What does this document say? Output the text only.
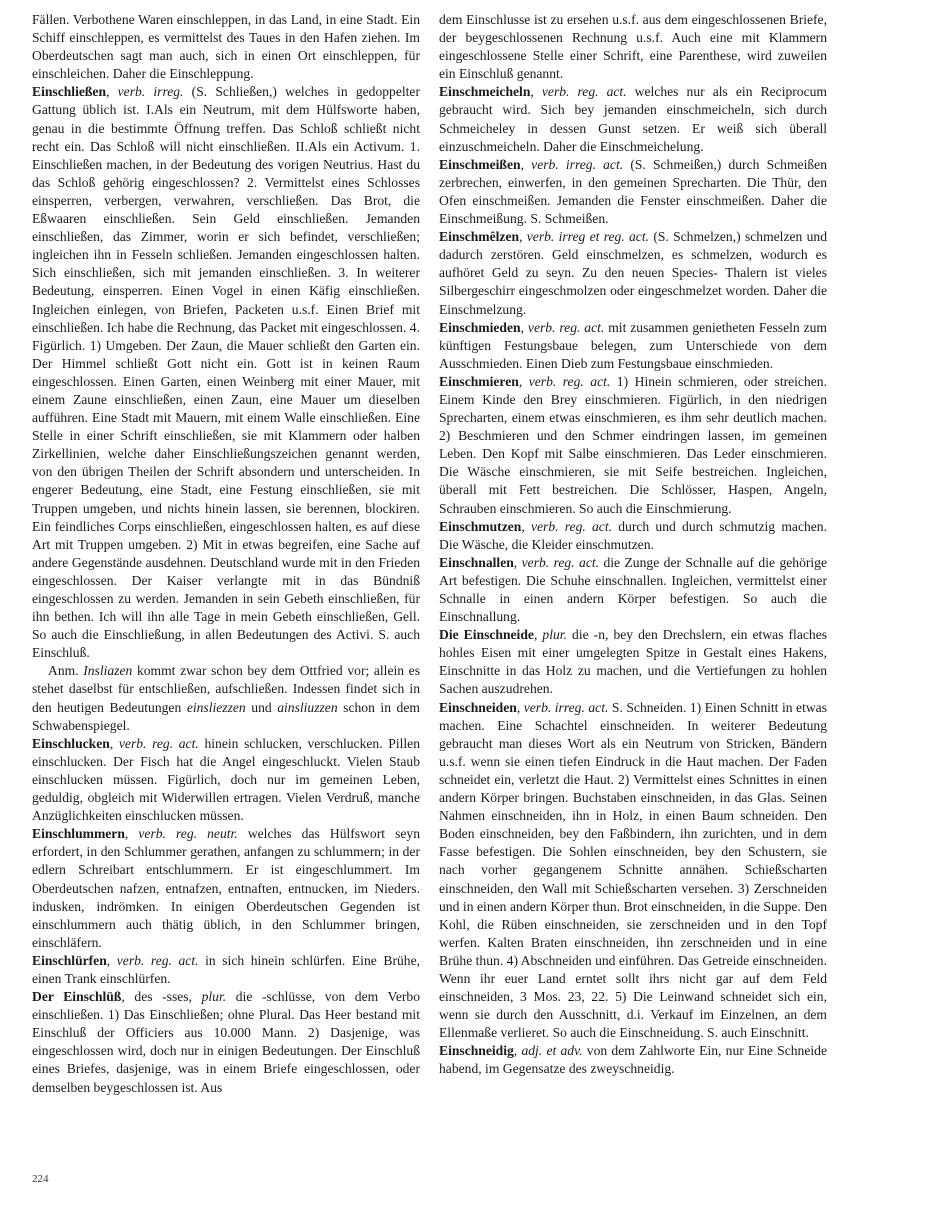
Fällen. Verbothene Waren einschleppen, in das Land, in eine Stadt. Ein Schiff einschleppen, es vermittelst des Taues in den Hafen ziehen. Im Oberdeutschen sagt man auch, sich in einen Ort einschleppen, für einschleichen. Daher die Einschleppung.

Einschließen, verb. irreg. (S. Schließen,) welches in gedoppelter Gattung üblich ist. I.Als ein Neutrum, mit dem Hülfsworte haben, genau in die bestimmte Öffnung treffen. Das Schloß schließt nicht recht ein. Das Schloß will nicht einschließen. II.Als ein Activum. 1. Einschließen machen, in der Bedeutung des vorigen Neutrius. Hast du das Schloß gehörig eingeschlossen? 2. Vermittelst eines Schlosses einsperren, verbergen, verwahren, verschließen. Das Brot, die Eßwaaren einschließen. Sein Geld einschließen. Jemanden einschließen, das Zimmer, worin er sich befindet, verschließen; ingleichen ihn in Fesseln schließen. Jemanden eingeschlossen halten. Sich einschließen, sich mit jemanden einschließen. 3. In weiterer Bedeutung, einsperren. Einen Vogel in einen Käfig einschließen. Ingleichen einlegen, von Briefen, Packeten u.s.f. Einen Brief mit einschließen. Ich habe die Rechnung, das Packet mit eingeschlossen. 4. Figürlich. 1) Umgeben. Der Zaun, die Mauer schließt den Garten ein. Der Himmel schließt Gott nicht ein. Gott ist in keinen Raum eingeschlossen. Einen Garten, einen Weinberg mit einer Mauer, mit einem Zaune einschließen, einen Zaun, eine Mauer um dieselben aufführen. Eine Stadt mit Mauern, mit einem Walle einschließen. Eine Stelle in einer Schrift einschließen, sie mit Klammern oder halben Zirkellinien, welche daher Einschließungszeichen genannt werden, von den übrigen Theilen der Schrift absondern und unterscheiden. In engerer Bedeutung, eine Stadt, eine Festung einschließen, sie mit Truppen umgeben, und nichts hinein lassen, sie berennen, blockiren. Ein feindliches Corps einschließen, eingeschlossen halten, es auf diese Art mit Truppen umgeben. 2) Mit in etwas begreifen, eine Sache auf andere Gegenstände ausdehnen. Deutschland wurde mit in den Frieden eingeschlossen. Der Kaiser verlangte mit in das Bündniß eingeschlossen zu werden. Jemanden in sein Gebeth einschließen, für ihn bethen. Ich will ihn alle Tage in mein Gebeth einschließen, Gell. So auch die Einschließung, in allen Bedeutungen des Activi. S. auch Einschluß.

Anm. Insliazen kommt zwar schon bey dem Ottfried vor; allein es stehet daselbst für entschließen, aufschließen. Indessen findet sich in den heutigen Bedeutungen einsliezzen und ainsliuzzen schon in dem Schwabenspiegel.

Einschlucken, verb. reg. act. hinein schlucken, verschlucken. Pillen einschlucken. Der Fisch hat die Angel eingeschluckt. Vielen Staub einschlucken müssen. Figürlich, doch nur im gemeinen Leben, geduldig, obgleich mit Widerwillen ertragen. Vielen Verdruß, manche Anzüglichkeiten einschlucken müssen.

Einschlummern, verb. reg. neutr. welches das Hülfswort seyn erfordert, in den Schlummer gerathen, anfangen zu schlummern; in der edlern Schreibart entschlummern. Er ist eingeschlummert. Im Oberdeutschen nafzen, entnafzen, entnaften, entnucken, im Nieders. indusken, indrömken. In einigen Oberdeutschen Gegenden ist einschlummern auch thätig üblich, in den Schlummer bringen, einschläfern.

Einschlürfen, verb. reg. act. in sich hinein schlürfen. Eine Brühe, einen Trank einschlürfen.

Der Einschlüß, des -sses, plur. die -schlüsse, von dem Verbo einschließen. 1) Das Einschließen; ohne Plural. Das Heer bestand mit Einschluß der Officiers aus 10.000 Mann. 2) Dasjenige, was eingeschlossen wird, doch nur in einigen Bedeutungen. Der Einschluß eines Briefes, dasjenige, was in einem Briefe eingeschlossen, oder demselben beygeschlossen ist. Aus

dem Einschlusse ist zu ersehen u.s.f. aus dem eingeschlossenen Briefe, der beygeschlossenen Rechnung u.s.f. Auch eine mit Klammern eingeschlossene Stelle einer Schrift, eine Parenthese, wird zuweilen ein Einschluß genannt.

Einschmeicheln, verb. reg. act. welches nur als ein Reciprocum gebraucht wird. Sich bey jemanden einschmeicheln, sich durch Schmeicheley in dessen Gunst setzen. Er weiß sich überall einzuschmeicheln. Daher die Einschmeichelung.

Einschmeißen, verb. irreg. act. (S. Schmeißen,) durch Schmeißen zerbrechen, einwerfen, in den gemeinen Sprecharten. Die Thür, den Ofen einschmeißen. Jemanden die Fenster einschmeißen. Daher die Einschmeißung. S. Schmeißen.

Einschmêlzen, verb. irreg et reg. act. (S. Schmelzen,) schmelzen und dadurch zerstören. Geld einschmelzen, es schmelzen, wodurch es aufhöret Geld zu seyn. Zu den neuen Species- Thalern ist vieles Silbergeschirr eingeschmolzen oder eingeschmelzet worden. Daher die Einschmelzung.

Einschmieden, verb. reg. act. mit zusammen genietheten Fesseln zum künftigen Festungsbaue belegen, zum Unterschiede von dem Ausschmieden. Einen Dieb zum Festungsbaue einschmieden.

Einschmieren, verb. reg. act. 1) Hinein schmieren, oder streichen. Einem Kinde den Brey einschmieren. Figürlich, in den niedrigen Sprecharten, einem etwas einschmieren, es ihm sehr deutlich machen. 2) Beschmieren und den Schmer eindringen lassen, im gemeinen Leben. Den Kopf mit Salbe einschmieren. Das Leder einschmieren. Die Wäsche einschmieren, sie mit Seife bestreichen. Ingleichen, überall mit Fett bestreichen. Die Schlösser, Haspen, Angeln, Schrauben einschmieren. So auch die Einschmierung.

Einschmutzen, verb. reg. act. durch und durch schmutzig machen. Die Wäsche, die Kleider einschmutzen.

Einschnallen, verb. reg. act. die Zunge der Schnalle auf die gehörige Art befestigen. Die Schuhe einschnallen. Ingleichen, vermittelst einer Schnalle in einen andern Körper befestigen. So auch die Einschnallung.

Die Einschneide, plur. die -n, bey den Drechslern, ein etwas flaches hohles Eisen mit einer umgelegten Spitze in Gestalt eines Hakens, Einschnitte in das Holz zu machen, und die Vertiefungen zu hohlen Sachen auszudrehen.

Einschneiden, verb. irreg. act. S. Schneiden. 1) Einen Schnitt in etwas machen. Eine Schachtel einschneiden. In weiterer Bedeutung gebraucht man dieses Wort als ein Neutrum von Stricken, Bändern u.s.f. wenn sie einen tiefen Eindruck in die Haut machen. Der Faden schneidet ein, verletzt die Haut. 2) Vermittelst eines Schnittes in einen andern Körper bringen. Buchstaben einschneiden, in das Glas. Seinen Nahmen einschneiden, ihn in Holz, in einen Baum schneiden. Den Boden einschneiden, bey den Faßbindern, ihn zurichten, und in dem Fasse befestigen. Die Sohlen einschneiden, bey den Schustern, sie nach vorher gegangenem Schnitte annähen. Schießscharten einschneiden, den Wall mit Schießscharten versehen. 3) Zerschneiden und in einen andern Körper thun. Brot einschneiden, in die Suppe. Den Kohl, die Rüben einschneiden, sie zerschneiden und in den Topf werfen. Kalten Braten einschneiden, ihn zerschneiden und in eine Brühe thun. 4) Abschneiden und einführen. Das Getreide einschneiden. Wenn ihr euer Land erntet sollt ihrs nicht gar auf dem Feld einschneiden, 3 Mos. 23, 22. 5) Die Leinwand schneidet sich ein, wenn sie durch den Ausschnitt, d.i. Verkauf im Einzelnen, an dem Ellenmaße verlieret. So auch die Einschneidung. S. auch Einschnitt.

Einschneidig, adj. et adv. von dem Zahlworte Ein, nur Eine Schneide habend, im Gegensatze des zweyschneidig.

224
